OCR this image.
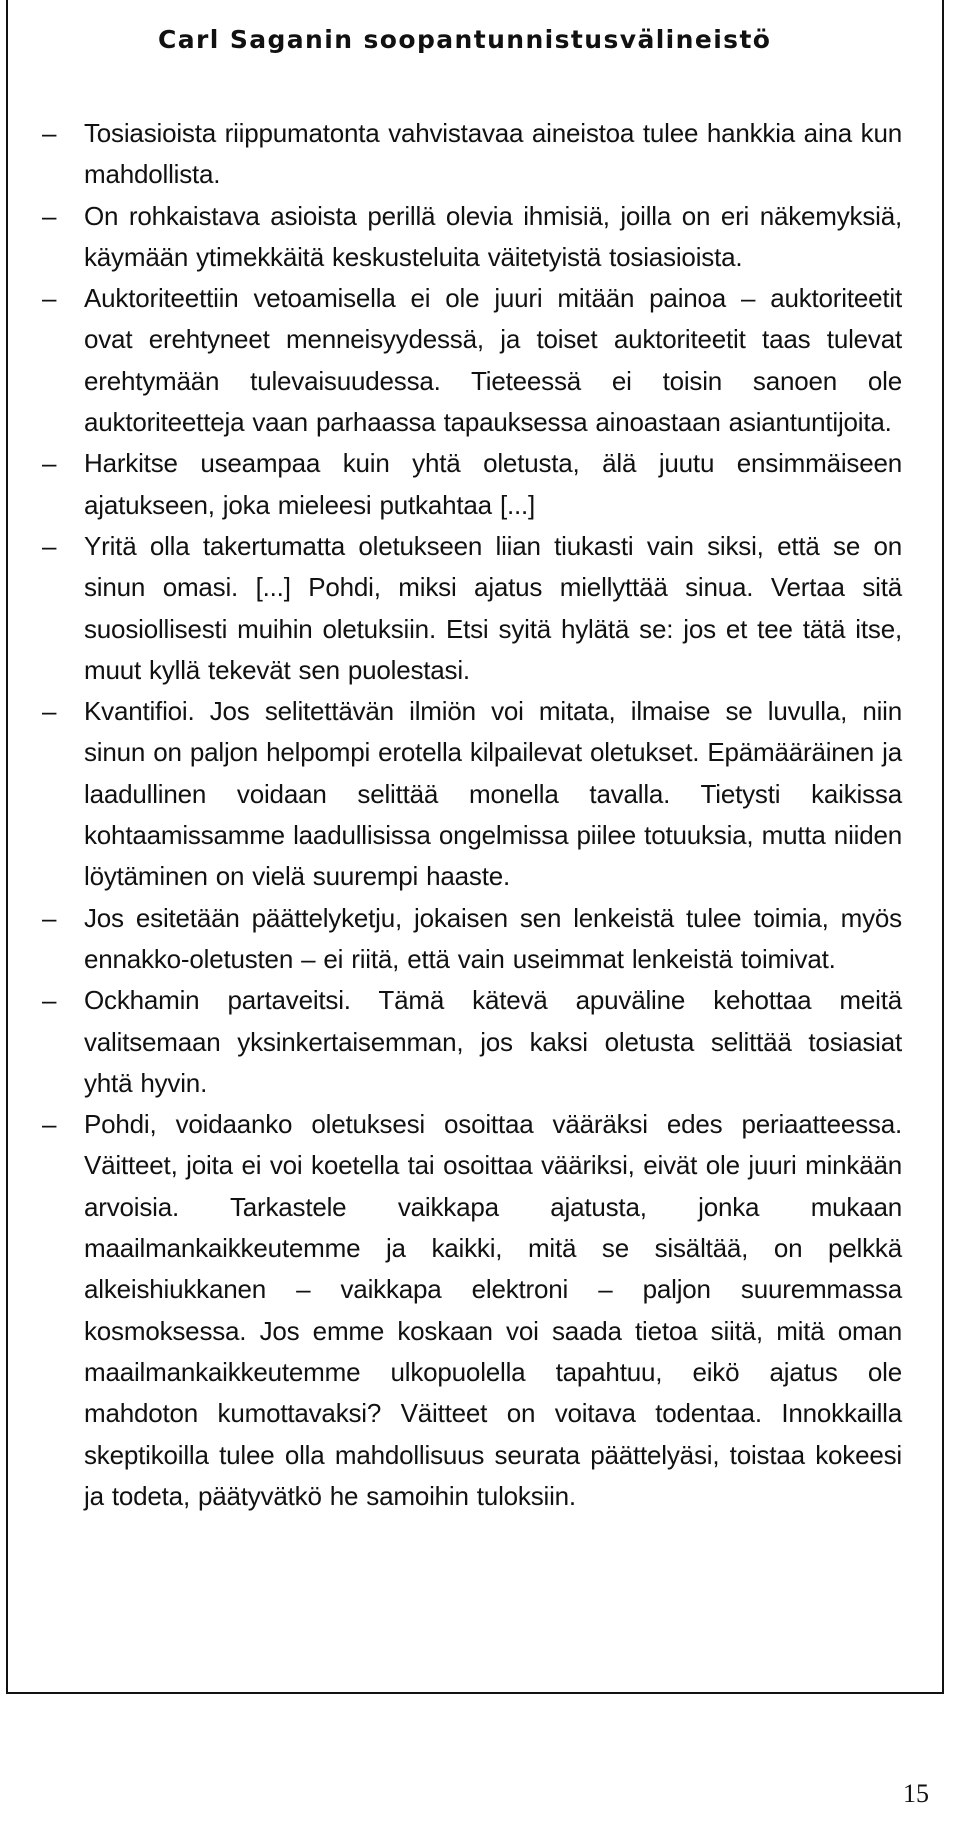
Carl Saganin soopantunnistusvälineistö
– Tosiasioista riippumatonta vahvistavaa aineistoa tulee hankkia aina kun mahdollista.
– On rohkaistava asioista perillä olevia ihmisiä, joilla on eri näkemyksiä, käymään ytimekkäitä keskusteluita väitetyistä tosiasioista.
– Auktoriteettiin vetoamisella ei ole juuri mitään painoa – auktoriteetit ovat erehtyneet menneisyydessä, ja toiset auktoriteetit taas tulevat erehtymään tulevaisuudessa. Tieteessä ei toisin sanoen ole auktoriteetteja vaan parhaassa tapauksessa ainoastaan asiantuntijoita.
– Harkitse useampaa kuin yhtä oletusta, älä juutu ensimmäiseen ajatukseen, joka mieleesi putkahtaa [...]
– Yritä olla takertumatta oletukseen liian tiukasti vain siksi, että se on sinun omasi. [...] Pohdi, miksi ajatus miellyttää sinua. Vertaa sitä suosiollisesti muihin oletuksiin. Etsi syitä hylätä se: jos et tee tätä itse, muut kyllä tekevät sen puolestasi.
– Kvantifioi. Jos selitettävän ilmiön voi mitata, ilmaise se luvulla, niin sinun on paljon helpompi erotella kilpailevat oletukset. Epämääräinen ja laadullinen voidaan selittää monella tavalla. Tietysti kaikissa kohtaamissamme laadullisissa ongelmissa piilee totuuksia, mutta niiden löytäminen on vielä suurempi haaste.
– Jos esitetään päättelyketju, jokaisen sen lenkeistä tulee toimia, myös ennakko-oletusten – ei riitä, että vain useimmat lenkeistä toimivat.
– Ockhamin partaveitsi. Tämä kätevä apuväline kehottaa meitä valitsemaan yksinkertaisemman, jos kaksi oletusta selittää tosiasiat yhtä hyvin.
– Pohdi, voidaanko oletuksesi osoittaa vääräksi edes periaatteessa. Väitteet, joita ei voi koetella tai osoittaa vääriksi, eivät ole juuri minkään arvoisia. Tarkastele vaikkapa ajatusta, jonka mukaan maailmankaikkeutemme ja kaikki, mitä se sisältää, on pelkkä alkeishiukkanen – vaikkapa elektroni – paljon suuremmassa kosmoksessa. Jos emme koskaan voi saada tietoa siitä, mitä oman maailmankaikkeutemme ulkopuolella tapahtuu, eikö ajatus ole mahdoton kumottavaksi? Väitteet on voitava todentaa. Innokkailla skeptikoilla tulee olla mahdollisuus seurata päättelyäsi, toistaa kokeesi ja todeta, päätyvätkö he samoihin tuloksiin.
15
